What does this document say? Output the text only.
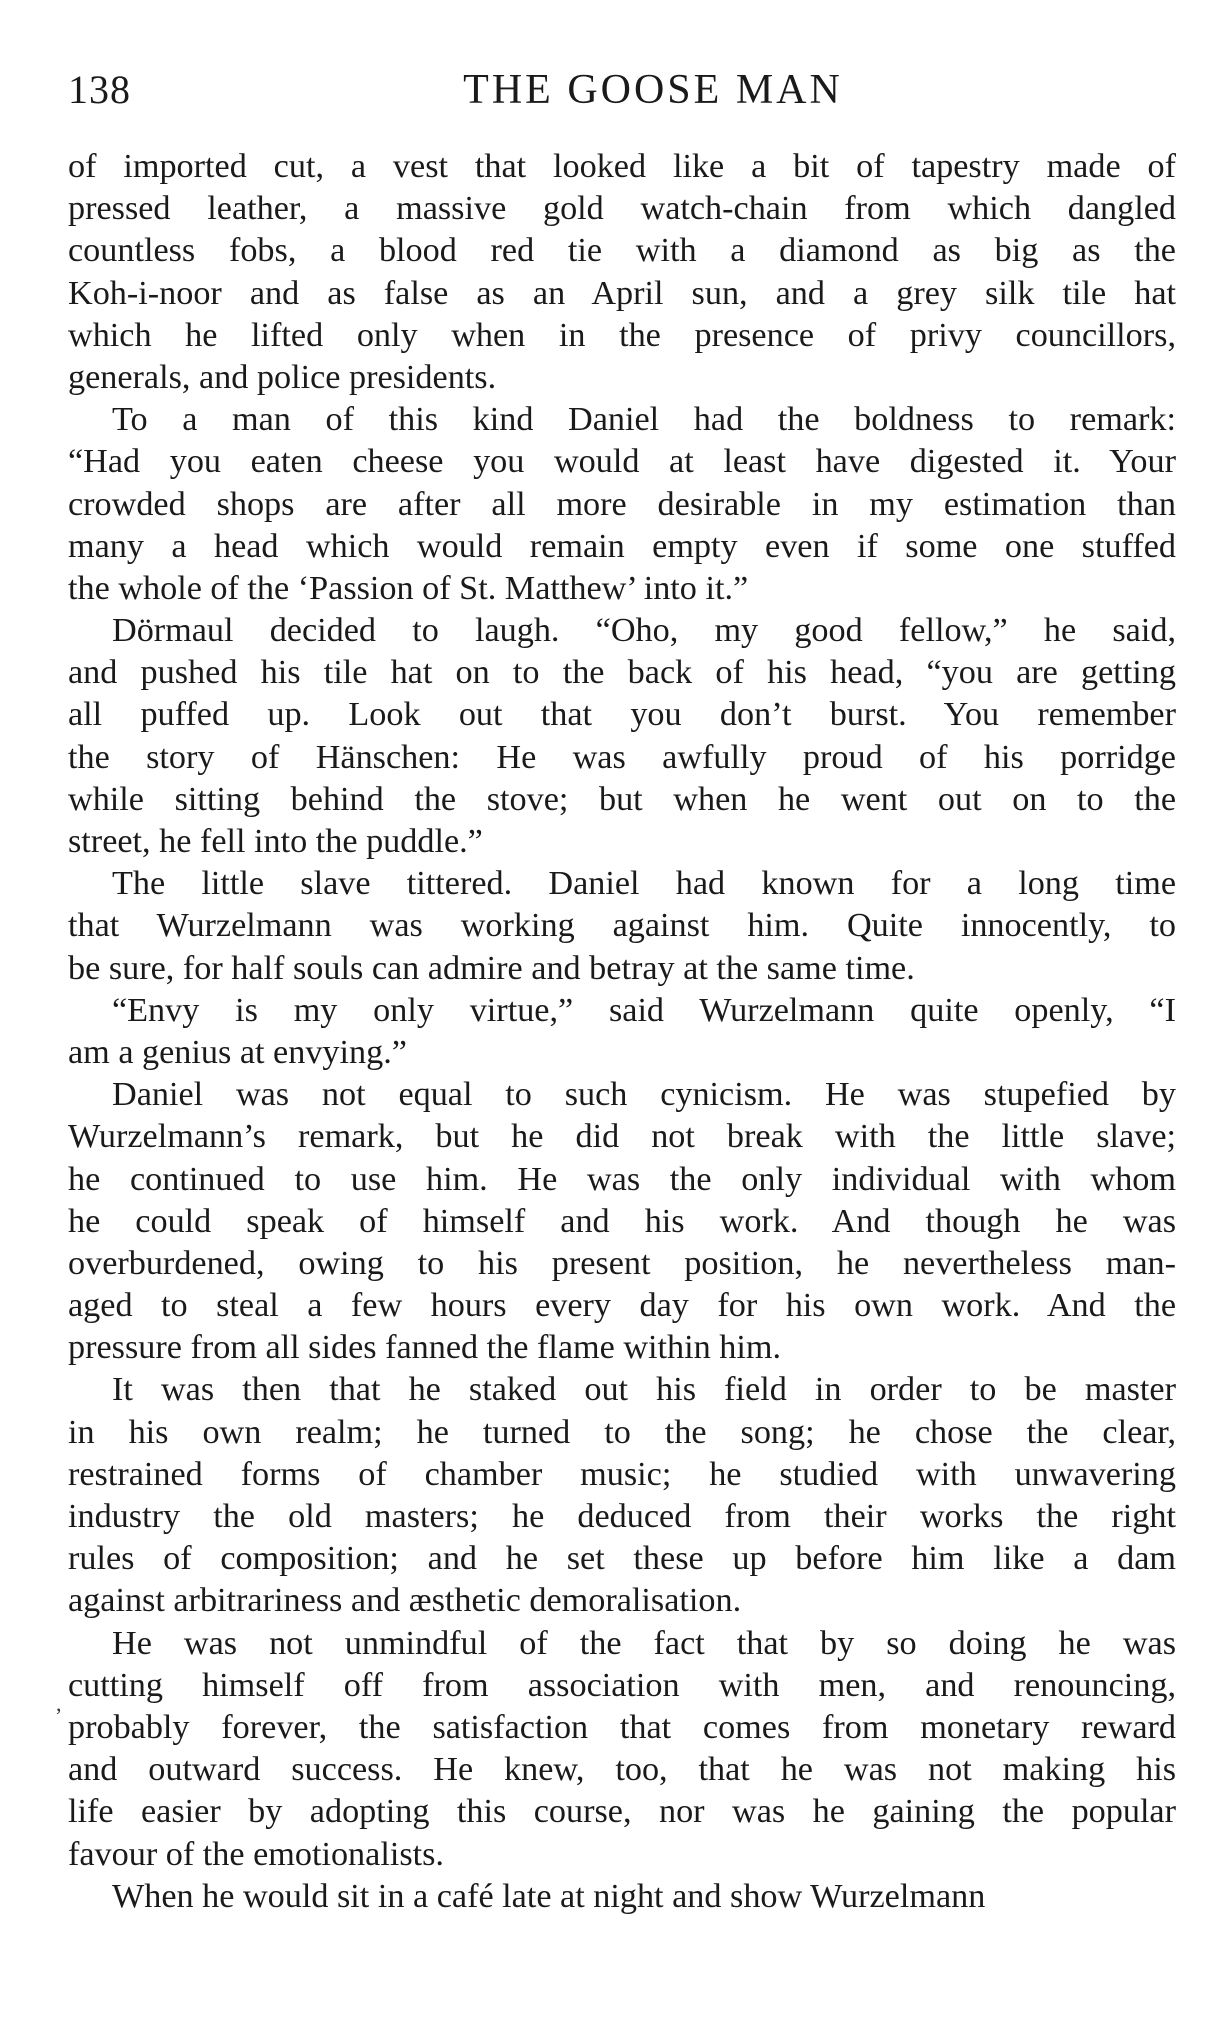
138	THE GOOSE MAN
of imported cut, a vest that looked like a bit of tapestry made of
pressed leather, a massive gold watch-chain from which dangled
countless fobs, a blood red tie with a diamond as big as the
Koh-i-noor and as false as an April sun, and a grey silk tile hat
which he lifted only when in the presence of privy councillors,
generals, and police presidents.
To a man of this kind Daniel had the boldness to remark:
“Had you eaten cheese you would at least have digested it. Your
crowded shops are after all more desirable in my estimation than
many a head which would remain empty even if some one stuffed
the whole of the ‘Passion of St. Matthew’ into it.”
Dörmaul decided to laugh. “Oho, my good fellow,” he said,
and pushed his tile hat on to the back of his head, “you are getting
all puffed up. Look out that you don’t burst. You remember
the story of Hänschen: He was awfully proud of his porridge
while sitting behind the stove; but when he went out on to the
street, he fell into the puddle.”
The little slave tittered. Daniel had known for a long time
that Wurzelmann was working against him. Quite innocently, to
be sure, for half souls can admire and betray at the same time.
“Envy is my only virtue,” said Wurzelmann quite openly, “I
am a genius at envying.”
Daniel was not equal to such cynicism. He was stupefied by
Wurzelmann’s remark, but he did not break with the little slave;
he continued to use him. He was the only individual with whom
he could speak of himself and his work. And though he was
overburdened, owing to his present position, he nevertheless man-
aged to steal a few hours every day for his own work. And the
pressure from all sides fanned the flame within him.
It was then that he staked out his field in order to be master
in his own realm; he turned to the song; he chose the clear,
restrained forms of chamber music; he studied with unwavering
industry the old masters; he deduced from their works the right
rules of composition; and he set these up before him like a dam
against arbitrariness and æsthetic demoralisation.
He was not unmindful of the fact that by so doing he was
cutting himself off from association with men, and renouncing,
probably forever, the satisfaction that comes from monetary reward
and outward success. He knew, too, that he was not making his
life easier by adopting this course, nor was he gaining the popular
favour of the emotionalists.
When he would sit in a café late at night and show Wurzelmann
,
